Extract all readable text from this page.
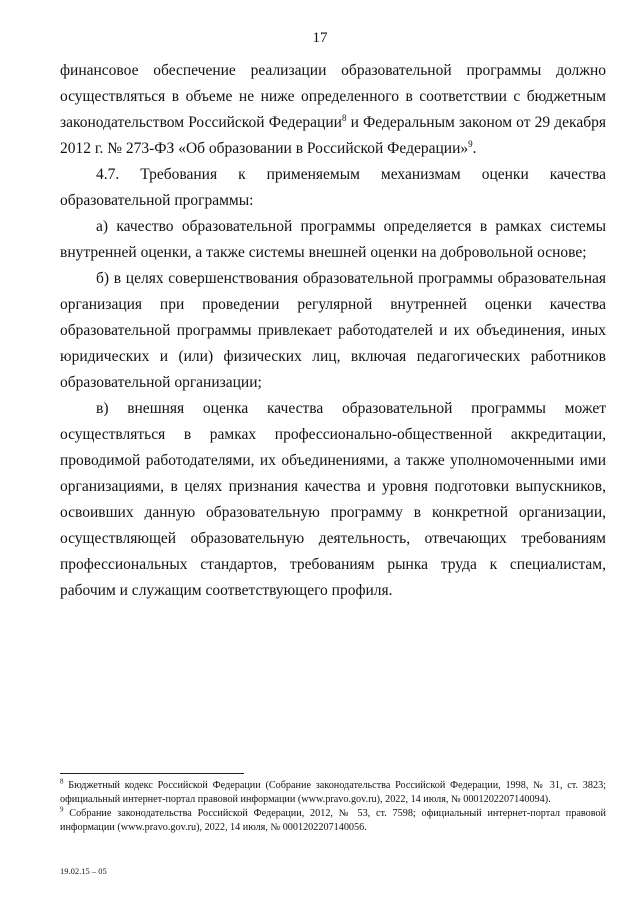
17

финансовое обеспечение реализации образовательной программы должно осуществляться в объеме не ниже определенного в соответствии с бюджетным законодательством Российской Федерации$^8$ и Федеральным законом от 29 декабря 2012 г. № 273-ФЗ «Об образовании в Российской Федерации»$^9$.

4.7. Требования к применяемым механизмам оценки качества образовательной программы:

а) качество образовательной программы определяется в рамках системы внутренней оценки, а также системы внешней оценки на добровольной основе;

б) в целях совершенствования образовательной программы образовательная организация при проведении регулярной внутренней оценки качества образовательной программы привлекает работодателей и их объединения, иных юридических и (или) физических лиц, включая педагогических работников образовательной организации;

в) внешняя оценка качества образовательной программы может осуществляться в рамках профессионально-общественной аккредитации, проводимой работодателями, их объединениями, а также уполномоченными ими организациями, в целях признания качества и уровня подготовки выпускников, освоивших данную образовательную программу в конкретной организации, осуществляющей образовательную деятельность, отвечающих требованиям профессиональных стандартов, требованиям рынка труда к специалистам, рабочим и служащим соответствующего профиля.

$^8$ Бюджетный кодекс Российской Федерации (Собрание законодательства Российской Федерации, 1998, № 31, ст. 3823; официальный интернет-портал правовой информации (www.pravo.gov.ru), 2022, 14 июля, № 0001202207140094).

$^9$ Собрание законодательства Российской Федерации, 2012, № 53, ст. 7598; официальный интернет-портал правовой информации (www.pravo.gov.ru), 2022, 14 июля, № 0001202207140056.

19.02.15 – 05
